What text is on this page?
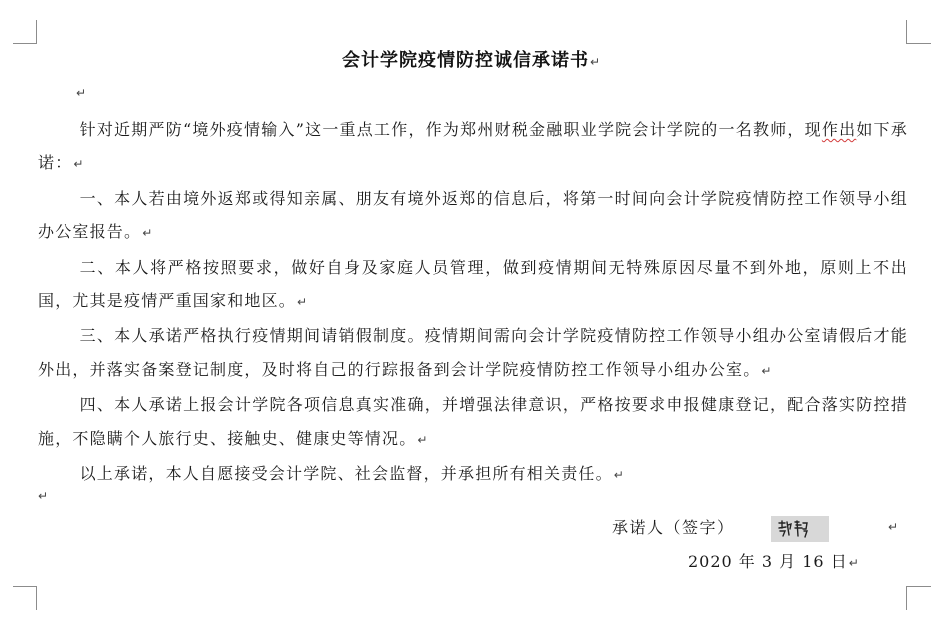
会计学院疫情防控诚信承诺书↵
↵

针对近期严防“境外疫情输入”这一重点工作，作为郑州财税金融职业学院会计学院的一名教师，现作出如下承诺：↵

一、本人若由境外返郑或得知亲属、朋友有境外返郑的信息后，将第一时间向会计学院疫情防控工作领导小组办公室报告。↵

二、本人将严格按照要求，做好自身及家庭人员管理，做到疫情期间无特殊原因尽量不到外地，原则上不出国，尤其是疫情严重国家和地区。↵

三、本人承诺严格执行疫情期间请销假制度。疫情期间需向会计学院疫情防控工作领导小组办公室请假后才能外出，并落实备案登记制度，及时将自己的行踪报备到会计学院疫情防控工作领导小组办公室。↵

四、本人承诺上报会计学院各项信息真实准确，并增强法律意识，严格按要求申报健康登记，配合落实防控措施，不隐瞒个人旅行史、接触史、健康史等情况。↵

以上承诺，本人自愿接受会计学院、社会监督，并承担所有相关责任。↵

↵
承诺人（签字）	↵
2020 年 3 月 16 日↵
